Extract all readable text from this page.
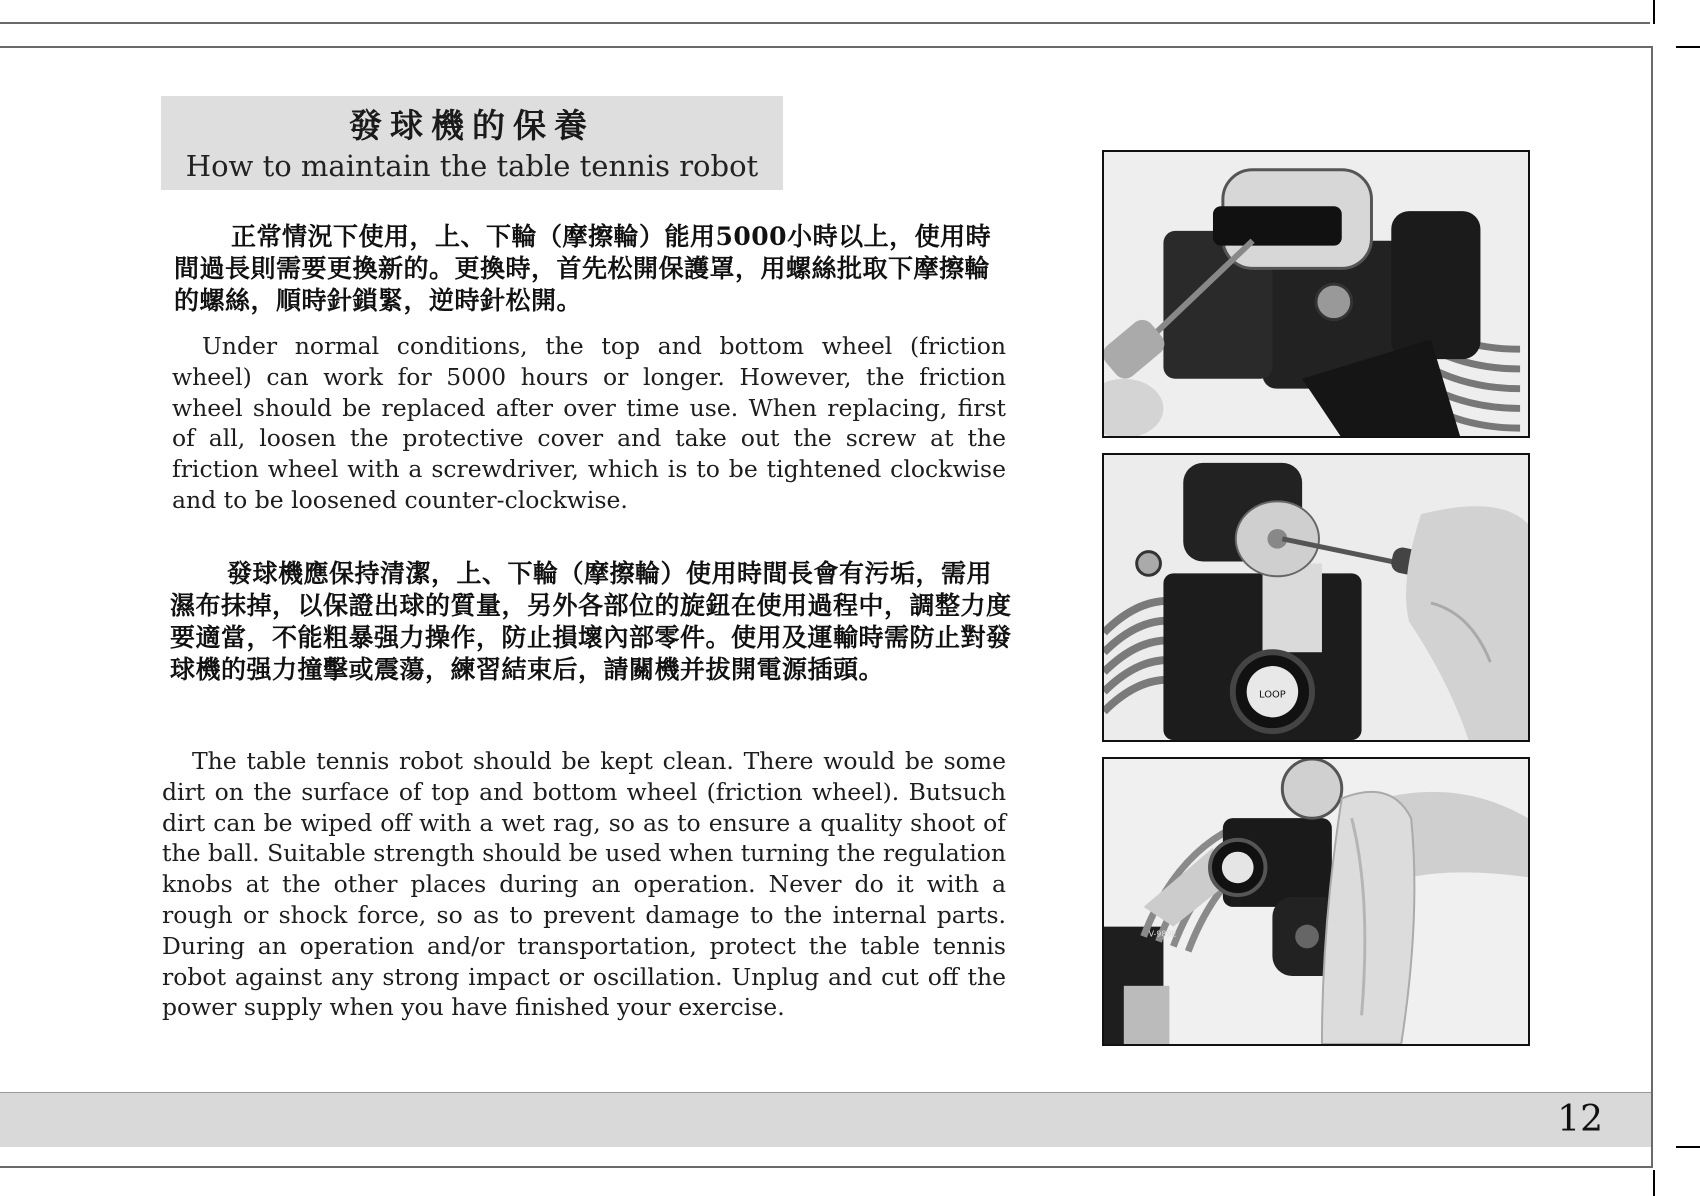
發球機的保養
How to maintain the table tennis robot
正常情況下使用，上、下輪（摩擦輪）能用5000小時以上，使用時間過長則需要更換新的。更換時，首先松開保護罩，用螺絲批取下摩擦輪的螺絲，順時針鎖緊，逆時針松開。
Under normal conditions, the top and bottom wheel (friction wheel) can work for 5000 hours or longer. However, the friction wheel should be replaced after over time use. When replacing, first of all, loosen the protective cover and take out the screw at the friction wheel with a screwdriver, which is to be tightened clockwise and to be loosened counter-clockwise.
發球機應保持清潔，上、下輪（摩擦輪）使用時間長會有污垢，需用濕布抹掉，以保證出球的質量，另外各部位的旋鈕在使用過程中，調整力度要適當，不能粗暴强力操作，防止損壞內部零件。使用及運輸時需防止對發球機的强力撞擊或震蕩，練習結束后，請關機并拔開電源插頭。
The table tennis robot should be kept clean. There would be some dirt on the surface of top and bottom wheel (friction wheel). Butsuch dirt can be wiped off with a wet rag, so as to ensure a quality shoot of the ball. Suitable strength should be used when turning the regulation knobs at the other places during an operation. Never do it with a rough or shock force, so as to prevent damage to the internal parts. During an operation and/or transportation, protect the table tennis robot against any strong impact or oscillation. Unplug and cut off the power supply when you have finished your exercise.
LOOP
V-989E
12
